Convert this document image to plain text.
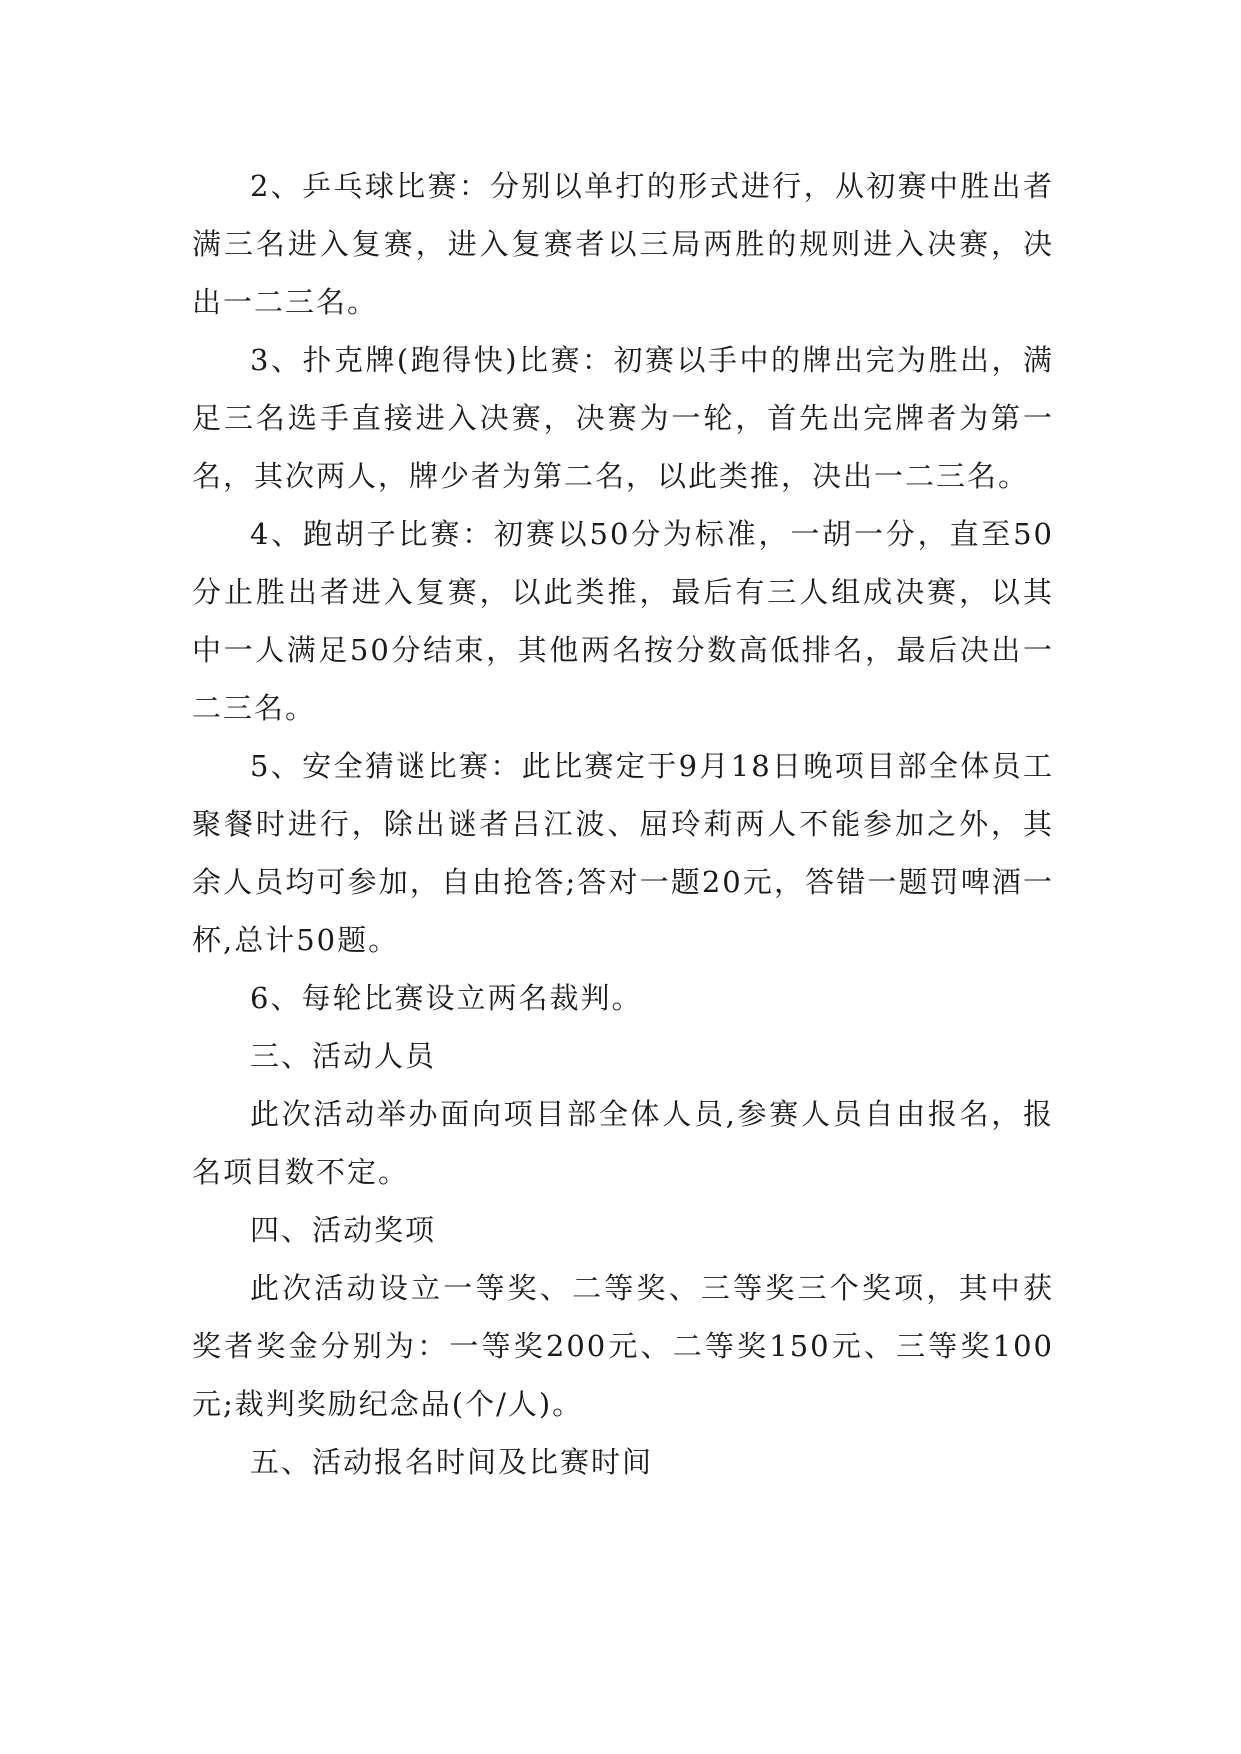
2、乒乓球比赛：分别以单打的形式进行，从初赛中胜出者满三名进入复赛，进入复赛者以三局两胜的规则进入决赛，决出一二三名。

3、扑克牌(跑得快)比赛：初赛以手中的牌出完为胜出，满足三名选手直接进入决赛，决赛为一轮，首先出完牌者为第一名，其次两人，牌少者为第二名，以此类推，决出一二三名。

4、跑胡子比赛：初赛以50分为标准，一胡一分，直至50分止胜出者进入复赛，以此类推，最后有三人组成决赛，以其中一人满足50分结束，其他两名按分数高低排名，最后决出一二三名。

5、安全猜谜比赛：此比赛定于9月18日晚项目部全体员工聚餐时进行，除出谜者吕江波、屈玲莉两人不能参加之外，其余人员均可参加，自由抢答;答对一题20元，答错一题罚啤酒一杯,总计50题。

6、每轮比赛设立两名裁判。

三、活动人员

此次活动举办面向项目部全体人员,参赛人员自由报名，报名项目数不定。

四、活动奖项

此次活动设立一等奖、二等奖、三等奖三个奖项，其中获奖者奖金分别为：一等奖200元、二等奖150元、三等奖100元;裁判奖励纪念品(个/人)。

五、活动报名时间及比赛时间
